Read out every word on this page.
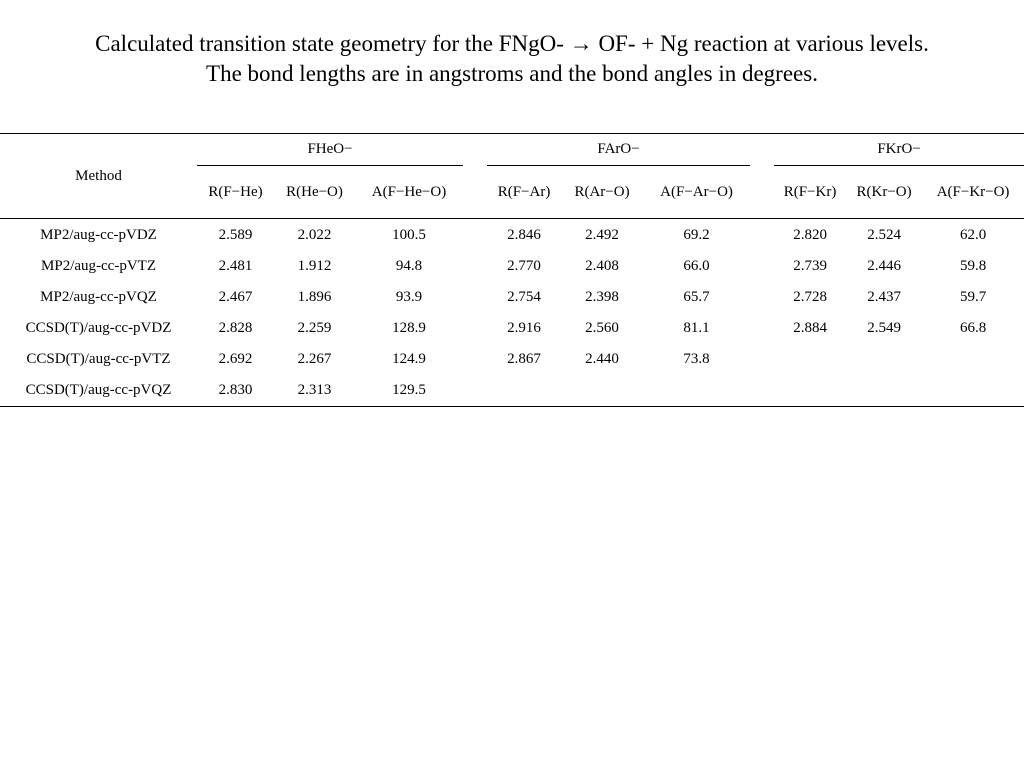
Calculated transition state geometry for the FNgO- → OF- + Ng reaction at various levels.
The bond lengths are in angstroms and the bond angles in degrees.
Method	FHeO−				FArO−				FKrO−		
	R(F−He)	R(He−O)	A(F−He−O)		R(F−Ar)	R(Ar−O)	A(F−Ar−O)		R(F−Kr)	R(Kr−O)	A(F−Kr−O)
MP2/aug-cc-pVDZ	2.589	2.022	100.5		2.846	2.492	69.2		2.820	2.524	62.0
MP2/aug-cc-pVTZ	2.481	1.912	94.8		2.770	2.408	66.0		2.739	2.446	59.8
MP2/aug-cc-pVQZ	2.467	1.896	93.9		2.754	2.398	65.7		2.728	2.437	59.7
CCSD(T)/aug-cc-pVDZ	2.828	2.259	128.9		2.916	2.560	81.1		2.884	2.549	66.8
CCSD(T)/aug-cc-pVTZ	2.692	2.267	124.9		2.867	2.440	73.8				
CCSD(T)/aug-cc-pVQZ	2.830	2.313	129.5								
